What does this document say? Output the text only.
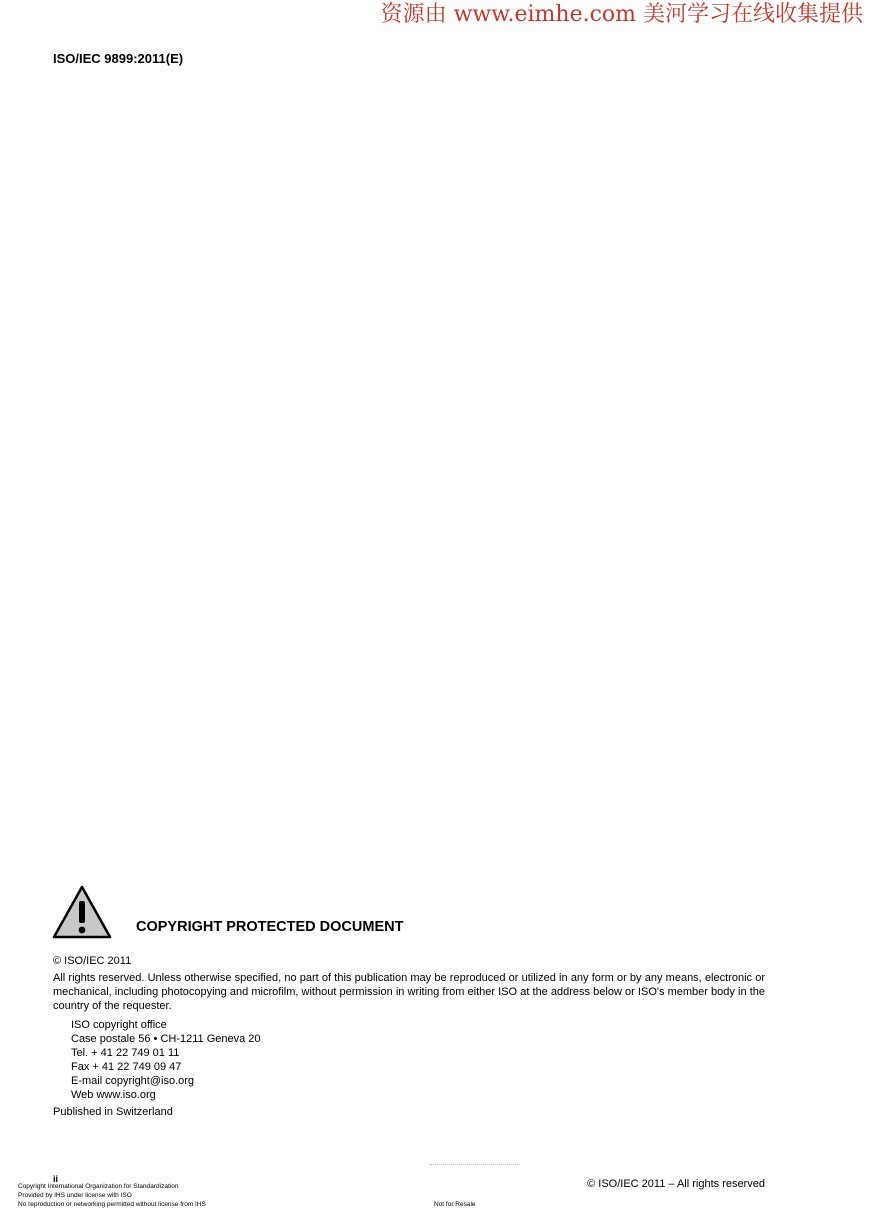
资源由 www.eimhe.com 美河学习在线收集提供
ISO/IEC 9899:2011(E)
COPYRIGHT PROTECTED DOCUMENT
© ISO/IEC 2011
All rights reserved. Unless otherwise specified, no part of this publication may be reproduced or utilized in any form or by any means, electronic or mechanical, including photocopying and microfilm, without permission in writing from either ISO at the address below or ISO's member body in the country of the requester.
ISO copyright office
Case postale 56 • CH-1211 Geneva 20
Tel. + 41 22 749 01 11
Fax + 41 22 749 09 47
E-mail copyright@iso.org
Web www.iso.org
Published in Switzerland
ii
Copyright International Organization for Standardization
Provided by IHS under license with ISO
No reproduction or networking permitted without license from IHS	Not for Resale
© ISO/IEC 2011 – All rights reserved
